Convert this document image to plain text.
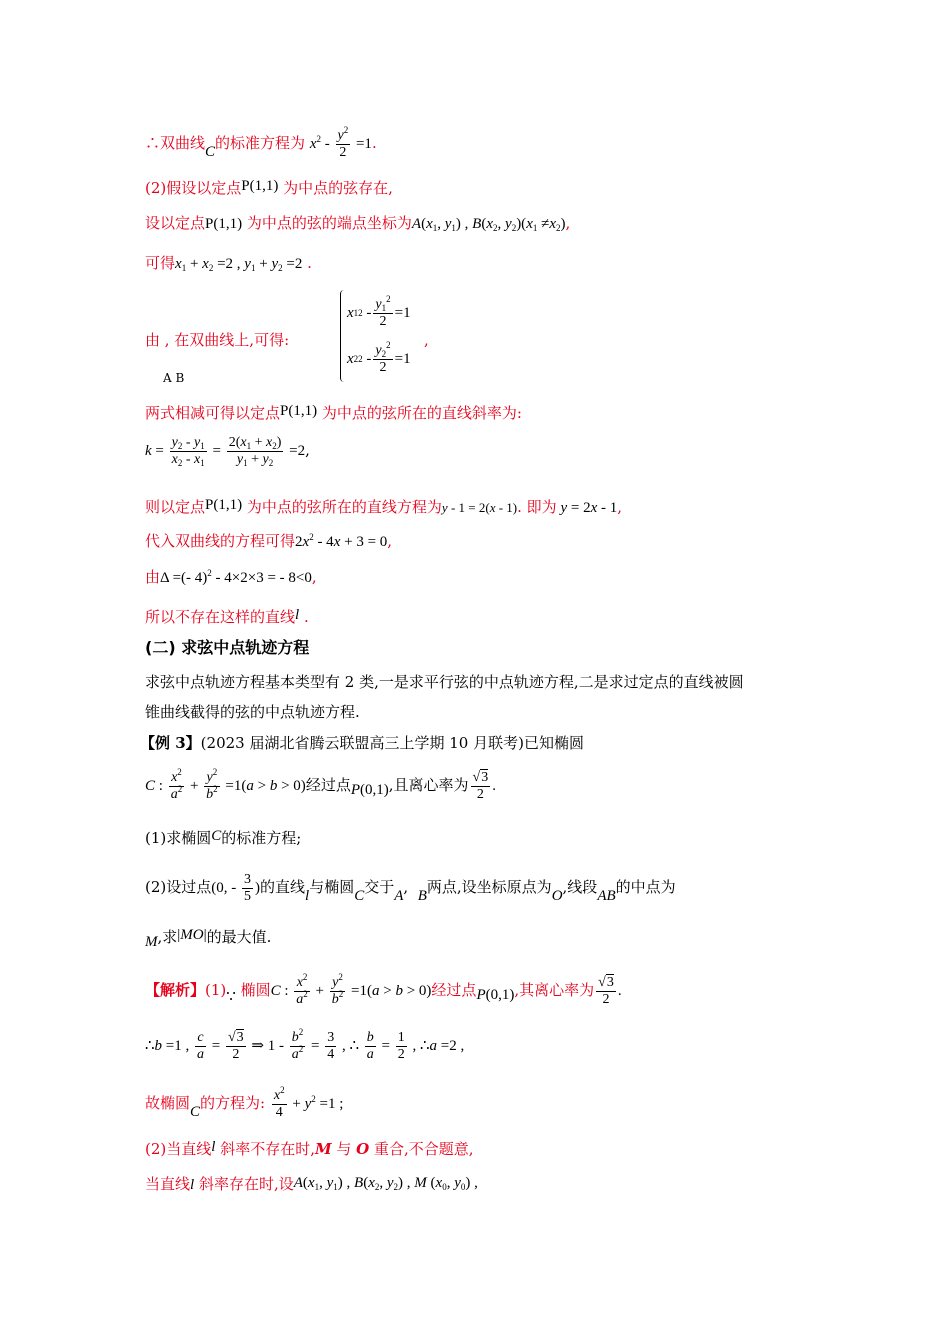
∴双曲线C的标准方程为 $x^2 - \frac{y^2}{2} =1$.
(2)假设以定点P(1,1) 为中点的弦存在,
设以定点P(1,1) 为中点的弦的端点坐标为$A(x_1$, $y_1$) , $B(x_2$, $y_2)(x_1 \ne x_2)$,
可得$x_1 + x_2 =2$ , $y_1 + y_2 =2$ .
由 , 在双曲线上,可得:
A B
x 1 $2 - \frac{y_1^2}{2} =1$
x 2 $2 - \frac{y_2^2}{2} =1$
,
两式相减可得以定点P(1,1) 为中点的弦所在的直线斜率为:
$k = \frac{y_2 - y_1}{x_2 - x_1} = \frac{2(x_1 + x_2)}{y_1 + y_2} =2$,
则以定点P(1,1) 为中点的弦所在的直线方程为y - 1 = 2(x - 1). 即为 y = 2x - 1,
代入双曲线的方程可得$2x^2 - 4x + 3 = 0$,
由Δ =(- 4)$^2$ - 4×2×3 = - 8<0,
所以不存在这样的直线l .
(二) 求弦中点轨迹方程
求弦中点轨迹方程基本类型有 2 类,一是求平行弦的中点轨迹方程,二是求过定点的直线被圆
锥曲线截得的弦的中点轨迹方程.
【例 3】(2023 届湖北省腾云联盟高三上学期 10 月联考)已知椭圆
C : $\frac{x^2}{a^2} + \frac{y^2}{b^2} =1(a > b > 0)$经过点P(0,1),且离心率为 $\frac{√3}{2}$ .
(1)求椭圆C的标准方程;
(2)设过点(0, - $\frac{3}{5}$ )的直线l与椭圆C交于A, B两点,设坐标原点为O,线段AB的中点为
M,求|MO|的最大值.
【解析】(1)∵ 椭圆C : $\frac{x^2}{a^2} + \frac{y^2}{b^2} =1(a > b > 0)$经过点P(0,1),其离心率为 $\frac{√3}{2}$ .
∴b =1 , $\frac{c}{a} = \frac{√3}{2}$ ⇒ $1 - \frac{b^2}{a^2} = \frac{3}{4}$ , ∴ $\frac{b}{a} = \frac{1}{2}$ , ∴a =2 ,
故椭圆C的方程为: $\frac{x^2}{4} + y^2 =1$ ;
(2)当直线l 斜率不存在时,M 与 O 重合,不合题意,
当直线l 斜率存在时,设$A(x_1$, $y_1$) , $B(x_2$, $y_2$) , M ($x_0$, $y_0$) ,
